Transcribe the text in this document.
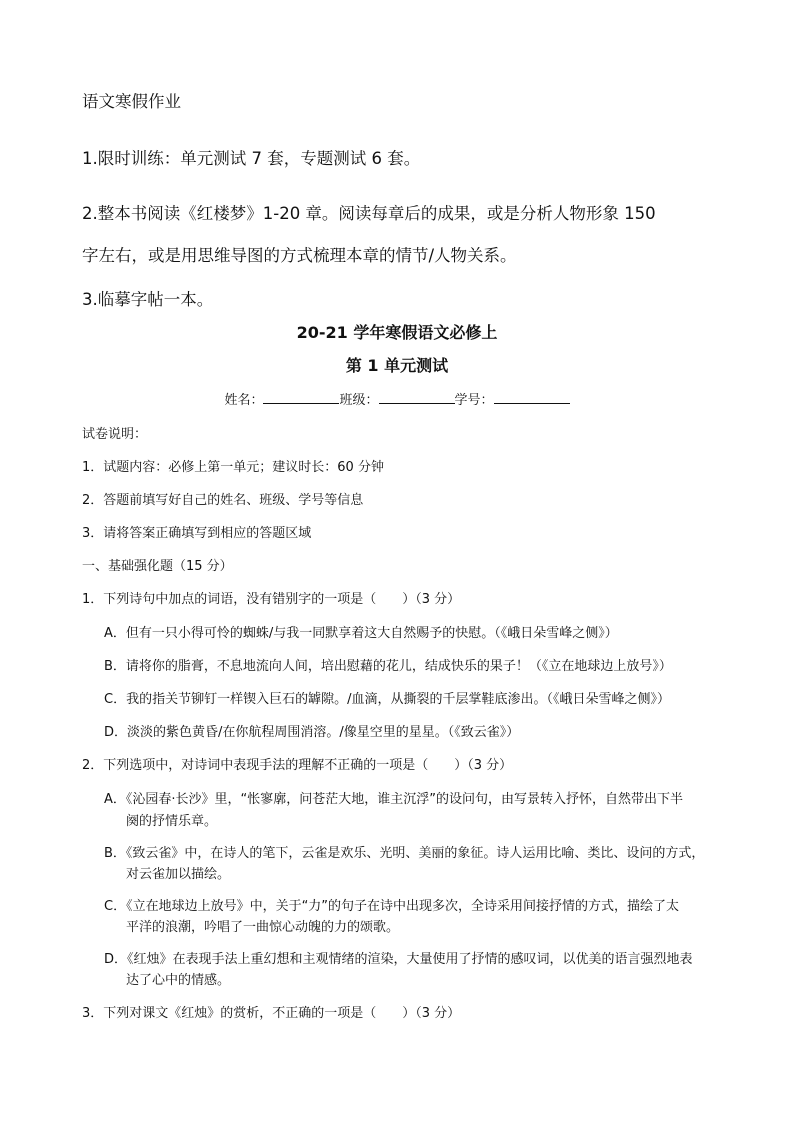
语文寒假作业
1.限时训练：单元测试 7 套，专题测试 6 套。
2.整本书阅读《红楼梦》1-20 章。阅读每章后的成果，或是分析人物形象 150
字左右，或是用思维导图的方式梳理本章的情节/人物关系。
3.临摹字帖一本。
20-21 学年寒假语文必修上
第 1 单元测试
姓名：	班级：	学号：
试卷说明：
1．试题内容：必修上第一单元；建议时长：60 分钟
2．答题前填写好自己的姓名、班级、学号等信息
3．请将答案正确填写到相应的答题区域
一、基础强化题（15 分）
1．下列诗句中加点的词语，没有错别字的一项是（　　）（3 分）
A．但有一只小得可怜的蜘蛛/与我一同默享着这大自然赐予的快慰。（《峨日朵雪峰之侧》）
B．请将你的脂膏，不息地流向人间，培出慰藉的花儿，结成快乐的果子！（《立在地球边上放号》）
C．我的指关节铆钉一样锲入巨石的罅隙。/血滴，从撕裂的千层掌鞋底渗出。（《峨日朵雪峰之侧》）
D．淡淡的紫色黄昏/在你航程周围消溶。/像星空里的星星。（《致云雀》）
2．下列选项中，对诗词中表现手法的理解不正确的一项是（　　）（3 分）
A．《沁园春·长沙》里，“怅寥廓，问苍茫大地，谁主沉浮”的设问句，由写景转入抒怀，自然带出下半
阕的抒情乐章。
B．《致云雀》中，在诗人的笔下，云雀是欢乐、光明、美丽的象征。诗人运用比喻、类比、设问的方式，
对云雀加以描绘。
C．《立在地球边上放号》中，关于“力”的句子在诗中出现多次，全诗采用间接抒情的方式，描绘了太
平洋的浪潮，吟唱了一曲惊心动魄的力的颂歌。
D．《红烛》在表现手法上重幻想和主观情绪的渲染，大量使用了抒情的感叹词，以优美的语言强烈地表
达了心中的情感。
3．下列对课文《红烛》的赏析，不正确的一项是（　　）（3 分）
